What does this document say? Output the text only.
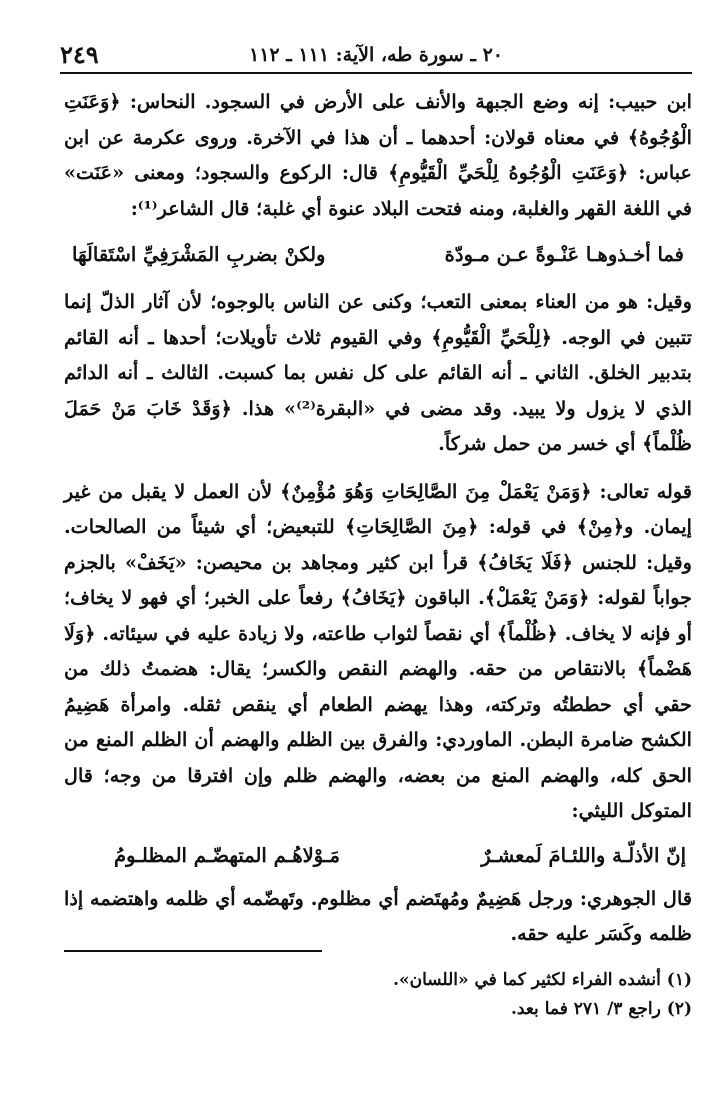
٢٤٩	٢٠ ـ سورة طه، الآية: ١١١ ـ ١١٢

ابن حبيب: إنه وضع الجبهة والأنف على الأرض في السجود. النحاس: ﴿وَعَنَتِ الْوُجُوهُ﴾ في معناه قولان: أحدهما ـ أن هذا في الآخرة. وروى عكرمة عن ابن عباس: ﴿وَعَنَتِ الْوُجُوهُ لِلْحَيِّ الْقَيُّومِ﴾ قال: الركوع والسجود؛ ومعنى «عَنَت» في اللغة القهر والغلبة، ومنه فتحت البلاد عنوة أي غلبة؛ قال الشاعر⁽¹⁾:

فما أخـذوهـا عَنْـوةً عـن مـودّة
ولكنْ بضربِ المَشْرَفِيِّ اسْتَقالَهَا

وقيل: هو من العناء بمعنى التعب؛ وكنى عن الناس بالوجوه؛ لأن آثار الذلّ إنما تتبين في الوجه. ﴿لِلْحَيِّ الْقَيُّومِ﴾ وفي القيوم ثلاث تأويلات؛ أحدها ـ أنه القائم بتدبير الخلق. الثاني ـ أنه القائم على كل نفس بما كسبت. الثالث ـ أنه الدائم الذي لا يزول ولا يبيد. وقد مضى في «البقرة⁽²⁾» هذا. ﴿وَقَدْ خَابَ مَنْ حَمَلَ ظُلْماً﴾ أي خسر من حمل شركاً.

قوله تعالى: ﴿وَمَنْ يَعْمَلْ مِنَ الصَّالِحَاتِ وَهُوَ مُؤْمِنٌ﴾ لأن العمل لا يقبل من غير إيمان. و﴿مِنْ﴾ في قوله: ﴿مِنَ الصَّالِحَاتِ﴾ للتبعيض؛ أي شيئاً من الصالحات. وقيل: للجنس ﴿فَلَا يَخَافُ﴾ قرأ ابن كثير ومجاهد بن محيصن: «يَخَفْ» بالجزم جواباً لقوله: ﴿وَمَنْ يَعْمَلْ﴾. الباقون ﴿يَخَافُ﴾ رفعاً على الخبر؛ أي فهو لا يخاف؛ أو فإنه لا يخاف. ﴿ظُلْماً﴾ أي نقصاً لثواب طاعته، ولا زيادة عليه في سيئاته. ﴿وَلَا هَضْماً﴾ بالانتقاص من حقه. والهضم النقص والكسر؛ يقال: هضمتُ ذلك من حقي أي حططتُه وتركته، وهذا يهضم الطعام أي ينقص ثقله. وامرأة هَضِيمُ الكشح ضامرة البطن. الماوردي: والفرق بين الظلم والهضم أن الظلم المنع من الحق كله، والهضم المنع من بعضه، والهضم ظلم وإن افترقا من وجه؛ قال المتوكل الليثي:

إنّ الأذلّـة واللئـامَ لَمعشـرٌ
مَـوْلاهُـم المتهضّـم المظلـومُ

قال الجوهري: ورجل هَضِيمٌ ومُهتَضم أي مظلوم. وتَهضّمه أي ظلمه واهتضمه إذا ظلمه وكَسَر عليه حقه.

(١) أنشده الفراء لكثير كما في «اللسان».

(٢) راجع ٣/ ٢٧١ فما بعد.
